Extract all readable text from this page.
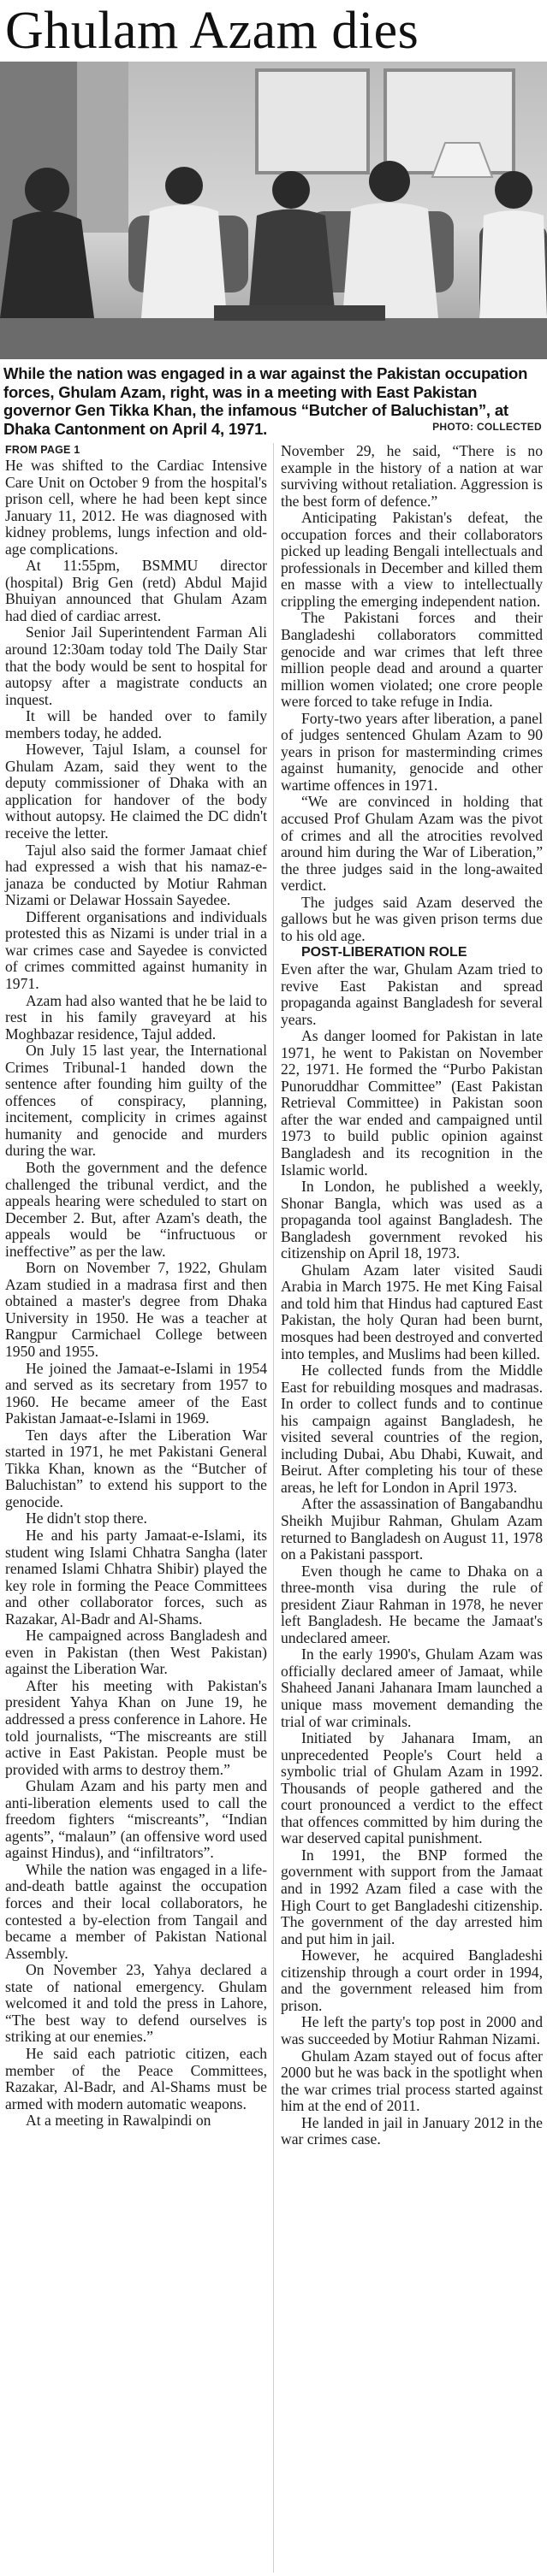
Ghulam Azam dies
While the nation was engaged in a war against the Pakistan occupation forces, Ghulam Azam, right, was in a meeting with East Pakistan governor Gen Tikka Khan, the infamous “Butcher of Baluchistan”, at Dhaka Cantonment on April 4, 1971.	PHOTO: COLLECTED
FROM PAGE 1

He was shifted to the Cardiac Intensive Care Unit on October 9 from the hospital's prison cell, where he had been kept since January 11, 2012. He was diagnosed with kidney problems, lungs infection and old-age complications.

At 11:55pm, BSMMU director (hospital) Brig Gen (retd) Abdul Majid Bhuiyan announced that Ghulam Azam had died of cardiac arrest.

Senior Jail Superintendent Farman Ali around 12:30am today told The Daily Star that the body would be sent to hospital for autopsy after a magistrate conducts an inquest.

It will be handed over to family members today, he added.

However, Tajul Islam, a counsel for Ghulam Azam, said they went to the deputy commissioner of Dhaka with an application for handover of the body without autopsy. He claimed the DC didn't receive the letter.

Tajul also said the former Jamaat chief had expressed a wish that his namaz-e-janaza be conducted by Motiur Rahman Nizami or Delawar Hossain Sayedee.

Different organisations and individuals protested this as Nizami is under trial in a war crimes case and Sayedee is convicted of crimes committed against humanity in 1971.

Azam had also wanted that he be laid to rest in his family graveyard at his Moghbazar residence, Tajul added.

On July 15 last year, the International Crimes Tribunal-1 handed down the sentence after founding him guilty of the offences of conspiracy, planning, incitement, complicity in crimes against humanity and genocide and murders during the war.

Both the government and the defence challenged the tribunal verdict, and the appeals hearing were scheduled to start on December 2. But, after Azam's death, the appeals would be “infructuous or ineffective” as per the law.

Born on November 7, 1922, Ghulam Azam studied in a madrasa first and then obtained a master's degree from Dhaka University in 1950. He was a teacher at Rangpur Carmichael College between 1950 and 1955.

He joined the Jamaat-e-Islami in 1954 and served as its secretary from 1957 to 1960. He became ameer of the East Pakistan Jamaat-e-Islami in 1969.

Ten days after the Liberation War started in 1971, he met Pakistani General Tikka Khan, known as the “Butcher of Baluchistan” to extend his support to the genocide.

He didn't stop there.

He and his party Jamaat-e-Islami, its student wing Islami Chhatra Sangha (later renamed Islami Chhatra Shibir) played the key role in forming the Peace Committees and other collaborator forces, such as Razakar, Al-Badr and Al-Shams.

He campaigned across Bangladesh and even in Pakistan (then West Pakistan) against the Liberation War.

After his meeting with Pakistan's president Yahya Khan on June 19, he addressed a press conference in Lahore. He told journalists, “The miscreants are still active in East Pakistan. People must be provided with arms to destroy them.”

Ghulam Azam and his party men and anti-liberation elements used to call the freedom fighters “miscreants”, “Indian agents”, “malaun” (an offensive word used against Hindus), and “infiltrators”.

While the nation was engaged in a life-and-death battle against the occupation forces and their local collaborators, he contested a by-election from Tangail and became a member of Pakistan National Assembly.

On November 23, Yahya declared a state of national emergency. Ghulam welcomed it and told the press in Lahore, “The best way to defend ourselves is striking at our enemies.”

He said each patriotic citizen, each member of the Peace Committees, Razakar, Al-Badr, and Al-Shams must be armed with modern automatic weapons.

At a meeting in Rawalpindi on

November 29, he said, “There is no example in the history of a nation at war surviving without retaliation. Aggression is the best form of defence.”

Anticipating Pakistan's defeat, the occupation forces and their collaborators picked up leading Bengali intellectuals and professionals in December and killed them en masse with a view to intellectually crippling the emerging independent nation.

The Pakistani forces and their Bangladeshi collaborators committed genocide and war crimes that left three million people dead and around a quarter million women violated; one crore people were forced to take refuge in India.

Forty-two years after liberation, a panel of judges sentenced Ghulam Azam to 90 years in prison for masterminding crimes against humanity, genocide and other wartime offences in 1971.

“We are convinced in holding that accused Prof Ghulam Azam was the pivot of crimes and all the atrocities revolved around him during the War of Liberation,” the three judges said in the long-awaited verdict.

The judges said Azam deserved the gallows but he was given prison terms due to his old age.

POST-LIBERATION ROLE

Even after the war, Ghulam Azam tried to revive East Pakistan and spread propaganda against Bangladesh for several years.

As danger loomed for Pakistan in late 1971, he went to Pakistan on November 22, 1971. He formed the “Purbo Pakistan Punoruddhar Committee” (East Pakistan Retrieval Committee) in Pakistan soon after the war ended and campaigned until 1973 to build public opinion against Bangladesh and its recognition in the Islamic world.

In London, he published a weekly, Shonar Bangla, which was used as a propaganda tool against Bangladesh. The Bangladesh government revoked his citizenship on April 18, 1973.

Ghulam Azam later visited Saudi Arabia in March 1975. He met King Faisal and told him that Hindus had captured East Pakistan, the holy Quran had been burnt, mosques had been destroyed and converted into temples, and Muslims had been killed.

He collected funds from the Middle East for rebuilding mosques and madrasas. In order to collect funds and to continue his campaign against Bangladesh, he visited several countries of the region, including Dubai, Abu Dhabi, Kuwait, and Beirut. After completing his tour of these areas, he left for London in April 1973.

After the assassination of Bangabandhu Sheikh Mujibur Rahman, Ghulam Azam returned to Bangladesh on August 11, 1978 on a Pakistani passport.

Even though he came to Dhaka on a three-month visa during the rule of president Ziaur Rahman in 1978, he never left Bangladesh. He became the Jamaat's undeclared ameer.

In the early 1990's, Ghulam Azam was officially declared ameer of Jamaat, while Shaheed Janani Jahanara Imam launched a unique mass movement demanding the trial of war criminals.

Initiated by Jahanara Imam, an unprecedented People's Court held a symbolic trial of Ghulam Azam in 1992. Thousands of people gathered and the court pronounced a verdict to the effect that offences committed by him during the war deserved capital punishment.

In 1991, the BNP formed the government with support from the Jamaat and in 1992 Azam filed a case with the High Court to get Bangladeshi citizenship. The government of the day arrested him and put him in jail.

However, he acquired Bangladeshi citizenship through a court order in 1994, and the government released him from prison.

He left the party's top post in 2000 and was succeeded by Motiur Rahman Nizami.

Ghulam Azam stayed out of focus after 2000 but he was back in the spotlight when the war crimes trial process started against him at the end of 2011.

He landed in jail in January 2012 in the war crimes case.
